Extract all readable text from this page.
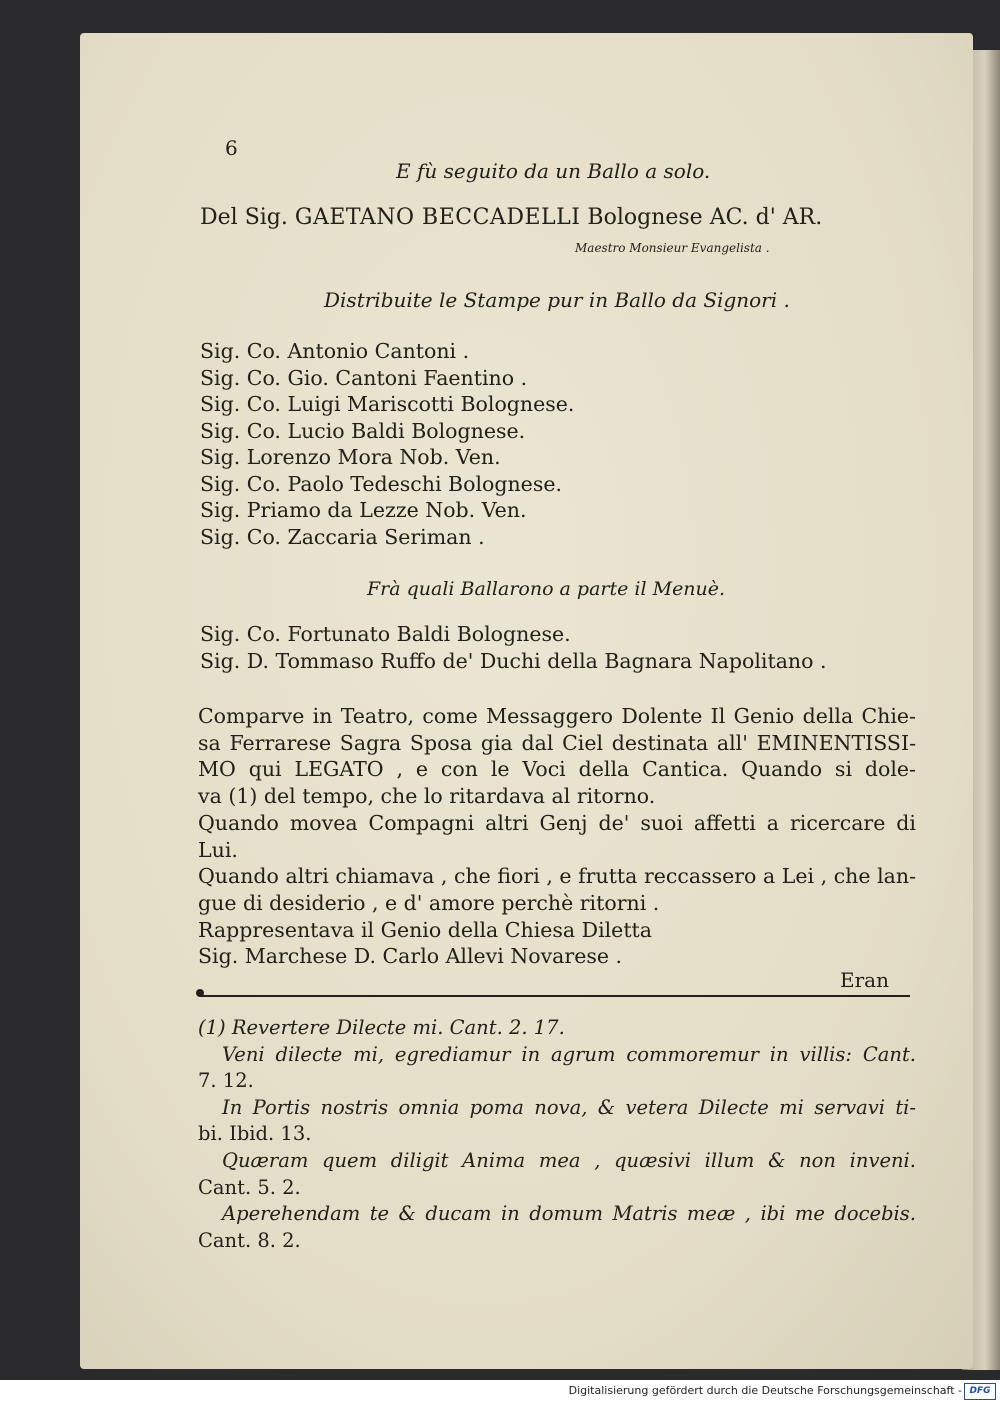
6
E fù seguito da un Ballo a solo.
Del Sig. GAETANO BECCADELLI Bolognese AC. d' AR.
Maestro Monsieur Evangelista .
Distribuite le Stampe pur in Ballo da Signori .
Sig. Co. Antonio Cantoni .
Sig. Co. Gio. Cantoni Faentino .
Sig. Co. Luigi Mariscotti Bolognese.
Sig. Co. Lucio Baldi Bolognese.
Sig. Lorenzo Mora Nob. Ven.
Sig. Co. Paolo Tedeschi Bolognese.
Sig. Priamo da Lezze Nob. Ven.
Sig. Co. Zaccaria Seriman .
Frà quali Ballarono a parte il Menuè.
Sig. Co. Fortunato Baldi Bolognese.
Sig. D. Tommaso Ruffo de' Duchi della Bagnara Napolitano .
Comparve in Teatro, come Messaggero Dolente Il Genio della Chie-
sa Ferrarese Sagra Sposa gia dal Ciel destinata all' EMINENTISSI-
MO qui LEGATO , e con le Voci della Cantica. Quando si dole-
va (1) del tempo, che lo ritardava al ritorno.
Quando movea Compagni altri Genj de' suoi affetti a ricercare di
Lui.
Quando altri chiamava , che fiori , e frutta reccassero a Lei , che lan-
gue di desiderio , e d' amore perchè ritorni .
Rappresentava il Genio della Chiesa Diletta
Sig. Marchese D. Carlo Allevi Novarese .
Eran
(1) Revertere Dilecte mi. Cant. 2. 17.
Veni dilecte mi, egrediamur in agrum commoremur in villis: Cant.
7. 12.
In Portis nostris omnia poma nova, & vetera Dilecte mi servavi ti-
bi. Ibid. 13.
Quæram quem diligit Anima mea , quæsivi illum & non inveni.
Cant. 5. 2.
Aperehendam te & ducam in domum Matris meæ , ibi me docebis.
Cant. 8. 2.
Digitalisierung gefördert durch die Deutsche Forschungsgemeinschaft - DFG
